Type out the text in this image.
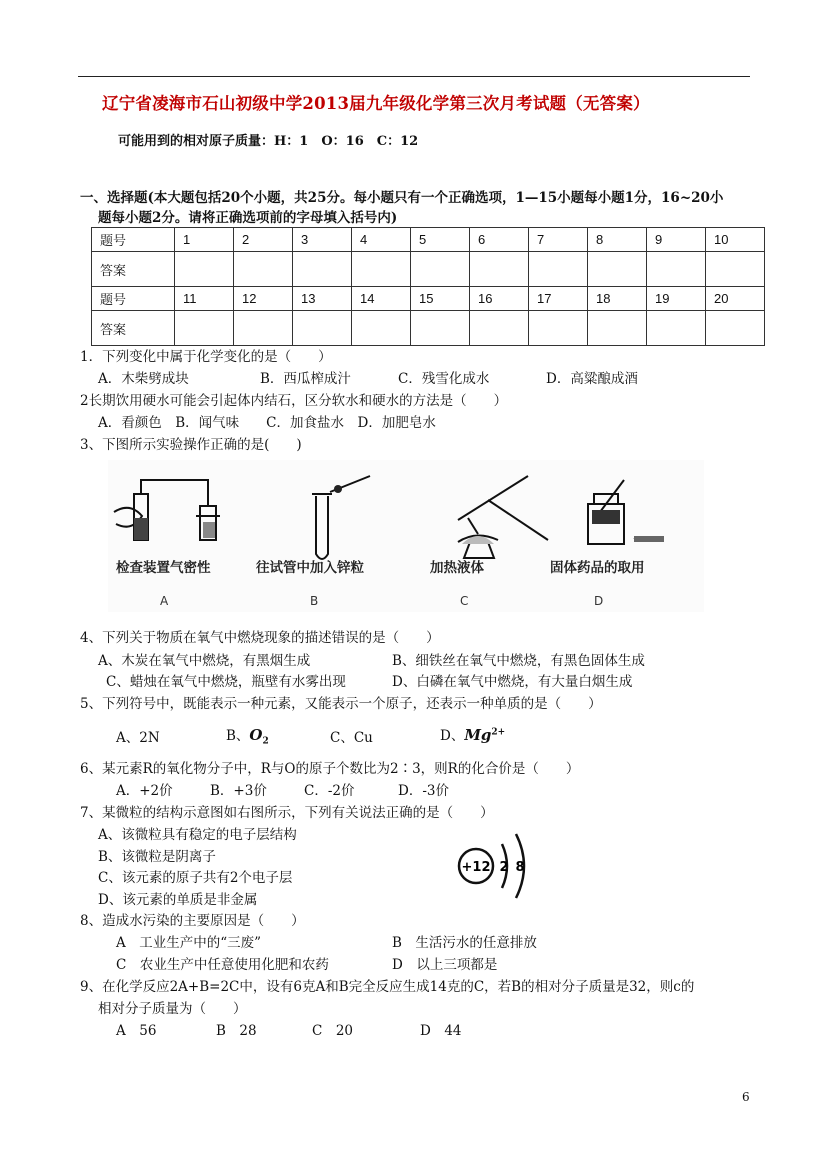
辽宁省凌海市石山初级中学2013届九年级化学第三次月考试题（无答案）
可能用到的相对原子质量：H：1　O：16　C：12
一、选择题(本大题包括20个小题，共25分。每小题只有一个正确选项，1—15小题每小题1分，16~20小
题每小题2分。请将正确选项前的字母填入括号内)
题号	1	2	3	4	5	6	7	8	9	10
答案										
题号	11	12	13	14	15	16	17	18	19	20
答案										
1．下列变化中属于化学变化的是（　　）
A．木柴劈成块	B．西瓜榨成汁	C．残雪化成水	D．高粱酿成酒
2长期饮用硬水可能会引起体内结石，区分软水和硬水的方法是（　　）
A．看颜色　B．闻气味　　C．加食盐水　D．加肥皂水
3、下图所示实验操作正确的是(　　)
检查装置气密性	往试管中加入锌粒	加热液体	固体药品的取用
A	B	C	D
4、下列关于物质在氧气中燃烧现象的描述错误的是（　　）
A、木炭在氧气中燃烧，有黑烟生成	B、细铁丝在氧气中燃烧，有黑色固体生成
C、蜡烛在氧气中燃烧，瓶壁有水雾出现	D、白磷在氧气中燃烧，有大量白烟生成
5、下列符号中，既能表示一种元素，又能表示一个原子，还表示一种单质的是（　　）
A、2N	B、$O_2$	C、Cu	D、$Mg^{2+}$
6、某元素R的氧化物分子中，R与O的原子个数比为2∶3，则R的化合价是（　　）
A．+2价	B．+3价	C．-2价	D．-3价
7、某微粒的结构示意图如右图所示，下列有关说法正确的是（　　）
A、该微粒具有稳定的电子层结构
B、该微粒是阴离子
C、该元素的原子共有2个电子层
D、该元素的单质是非金属
+12 2 8
8、造成水污染的主要原因是（　　）
A　工业生产中的“三废”	B　生活污水的任意排放
C　农业生产中任意使用化肥和农药	D　以上三项都是
9、在化学反应2A+B=2C中，设有6克A和B完全反应生成14克的C，若B的相对分子质量是32，则c的
相对分子质量为（　　）
A　56	B　28	C　20	D　44
6
